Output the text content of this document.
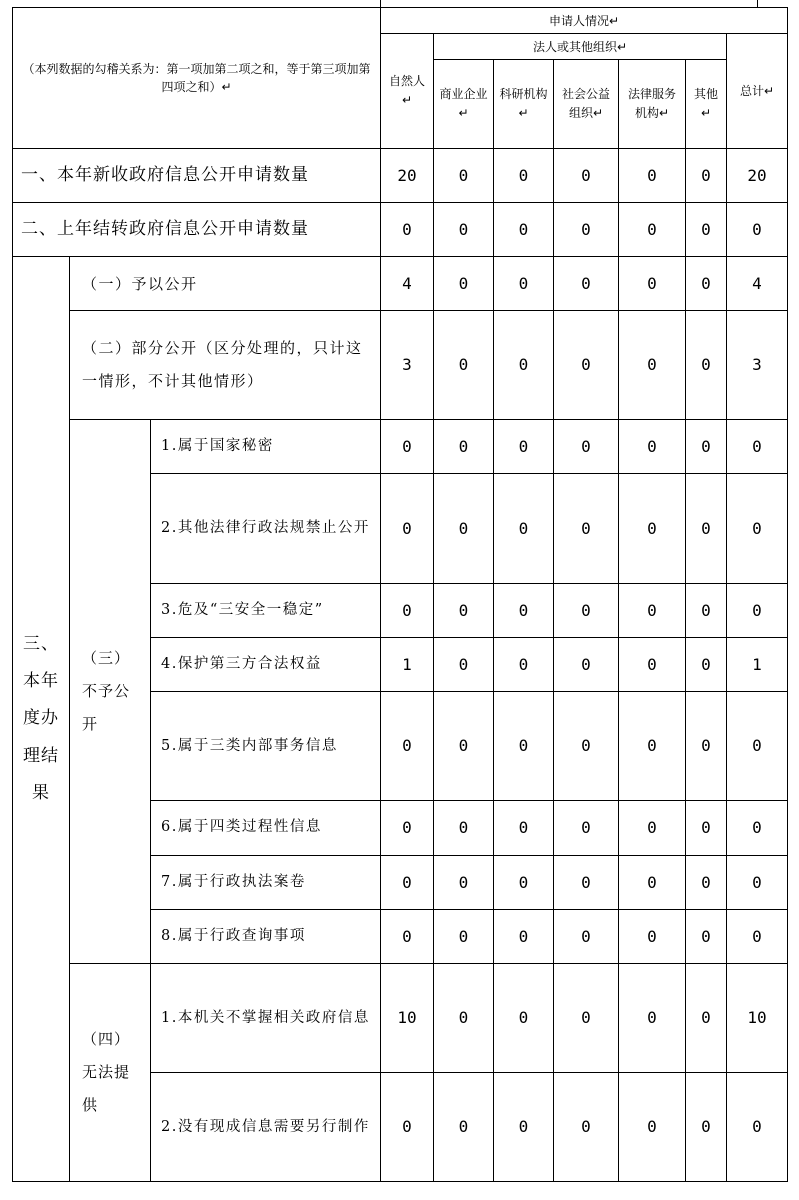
（本列数据的勾稽关系为：第一项加第二项之和，等于第三项加第四项之和）↵			申请人情况↵						
			自然人↵	法人或其他组织↵					总计↵
				商业企业↵	科研机构↵	社会公益组织↵	法律服务机构↵	其他↵	
一、本年新收政府信息公开申请数量			20	0	0	0	0	0	20
二、上年结转政府信息公开申请数量			0	0	0	0	0	0	0

三、本年度办理结果	（一）予以公开		4	0	0	0	0	0	4
	（二）部分公开（区分处理的，只计这一情形，不计其他情形）		3	0	0	0	0	0	3

	（三）不予公开	1.属于国家秘密	0	0	0	0	0	0	0
		2.其他法律行政法规禁止公开	0	0	0	0	0	0	0
		3.危及“三安全一稳定”	0	0	0	0	0	0	0
		4.保护第三方合法权益	1	0	0	0	0	0	1
		5.属于三类内部事务信息	0	0	0	0	0	0	0
		6.属于四类过程性信息	0	0	0	0	0	0	0
		7.属于行政执法案卷	0	0	0	0	0	0	0
		8.属于行政查询事项	0	0	0	0	0	0	0

	（四）无法提供	1.本机关不掌握相关政府信息	10	0	0	0	0	0	10
		2.没有现成信息需要另行制作	0	0	0	0	0	0	0
